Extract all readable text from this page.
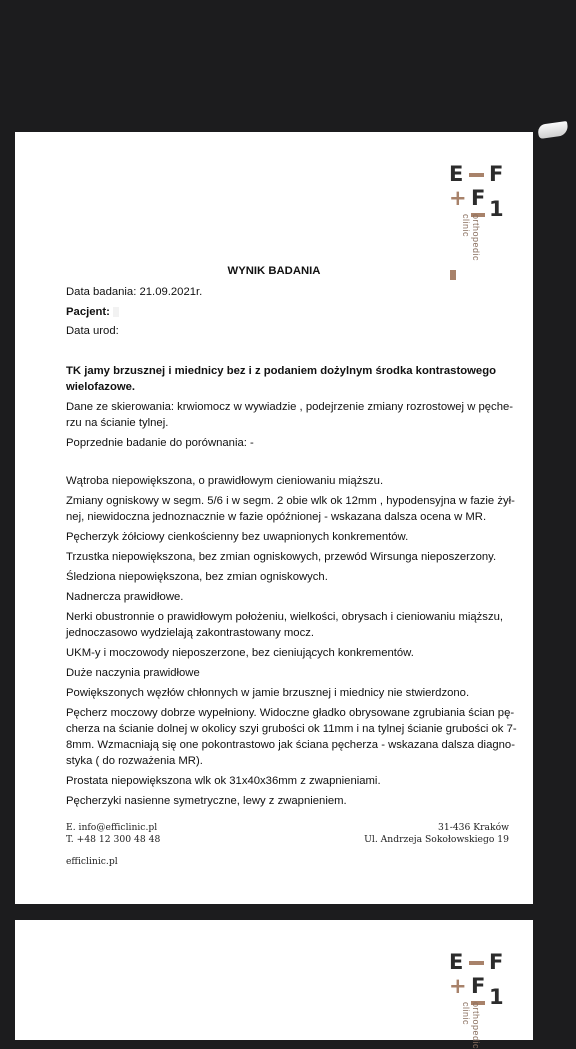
E F
+ F 1
orthopedic clinic
WYNIK BADANIA
Data badania: 21.09.2021r.
Pacjent:
Data urod:
TK jamy brzusznej i miednicy bez i z podaniem dożylnym środka kontrastowego
wielofazowe.
Dane ze skierowania: krwiomocz w wywiadzie , podejrzenie zmiany rozrostowej w pęche-
rzu na ścianie tylnej.
Poprzednie badanie do porównania: -
Wątroba niepowiększona, o prawidłowym cieniowaniu miąższu.
Zmiany ogniskowy w segm. 5/6 i w segm. 2 obie wlk ok 12mm , hypodensyjna w fazie żył-
nej, niewidoczna jednoznacznie w fazie opóźnionej - wskazana dalsza ocena w MR.
Pęcherzyk żółciowy cienkościenny bez uwapnionych konkrementów.
Trzustka niepowiększona, bez zmian ogniskowych, przewód Wirsunga nieposzerzony.
Śledziona niepowiększona, bez zmian ogniskowych.
Nadnercza prawidłowe.
Nerki obustronnie o prawidłowym położeniu, wielkości, obrysach i cieniowaniu miąższu,
jednoczasowo wydzielają zakontrastowany mocz.
UKM-y i moczowody nieposzerzone, bez cieniujących konkrementów.
Duże naczynia prawidłowe
Powiększonych węzłów chłonnych w jamie brzusznej i miednicy nie stwierdzono.
Pęcherz moczowy dobrze wypełniony. Widoczne gładko obrysowane zgrubiania ścian pę-
cherza na ścianie dolnej w okolicy szyi grubości ok 11mm i na tylnej ścianie grubości ok 7-
8mm. Wzmacniają się one pokontrastowo jak ściana pęcherza - wskazana dalsza diagno-
styka ( do rozważenia MR).
Prostata niepowiększona wlk ok 31x40x36mm z zwapnieniami.
Pęcherzyki nasienne symetryczne, lewy z zwapnieniem.
E. info@efficlinic.pl
T. +48 12 300 48 48
31-436 Kraków
Ul. Andrzeja Sokołowskiego 19
efficlinic.pl
E F
+ F 1
orthopedic clinic
